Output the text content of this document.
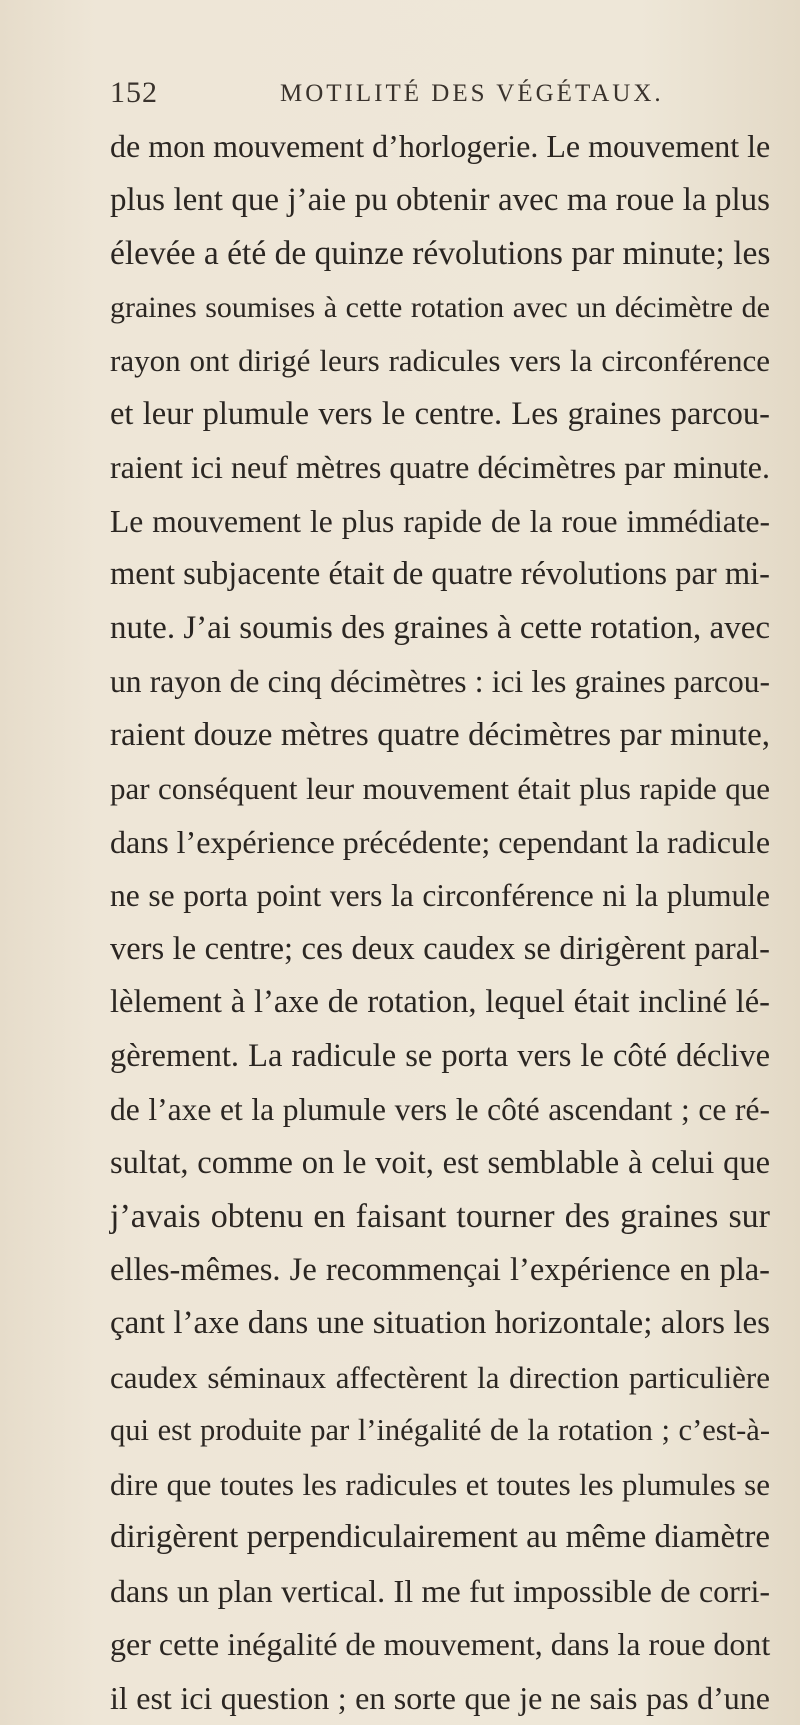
152	MOTILITÉ DES VÉGÉTAUX.
de mon mouvement d’horlogerie. Le mouvement le
plus lent que j’aie pu obtenir avec ma roue la plus
élevée a été de quinze révolutions par minute; les
graines soumises à cette rotation avec un décimètre de
rayon ont dirigé leurs radicules vers la circonférence
et leur plumule vers le centre. Les graines parcou-
raient ici neuf mètres quatre décimètres par minute.
Le mouvement le plus rapide de la roue immédiate-
ment subjacente était de quatre révolutions par mi-
nute. J’ai soumis des graines à cette rotation, avec
un rayon de cinq décimètres : ici les graines parcou-
raient douze mètres quatre décimètres par minute,
par conséquent leur mouvement était plus rapide que
dans l’expérience précédente; cependant la radicule
ne se porta point vers la circonférence ni la plumule
vers le centre; ces deux caudex se dirigèrent paral-
lèlement à l’axe de rotation, lequel était incliné lé-
gèrement. La radicule se porta vers le côté déclive
de l’axe et la plumule vers le côté ascendant ; ce ré-
sultat, comme on le voit, est semblable à celui que
j’avais obtenu en faisant tourner des graines sur
elles-mêmes. Je recommençai l’expérience en pla-
çant l’axe dans une situation horizontale; alors les
caudex séminaux affectèrent la direction particulière
qui est produite par l’inégalité de la rotation ; c’est-à-
dire que toutes les radicules et toutes les plumules se
dirigèrent perpendiculairement au même diamètre
dans un plan vertical. Il me fut impossible de corri-
ger cette inégalité de mouvement, dans la roue dont
il est ici question ; en sorte que je ne sais pas d’une
